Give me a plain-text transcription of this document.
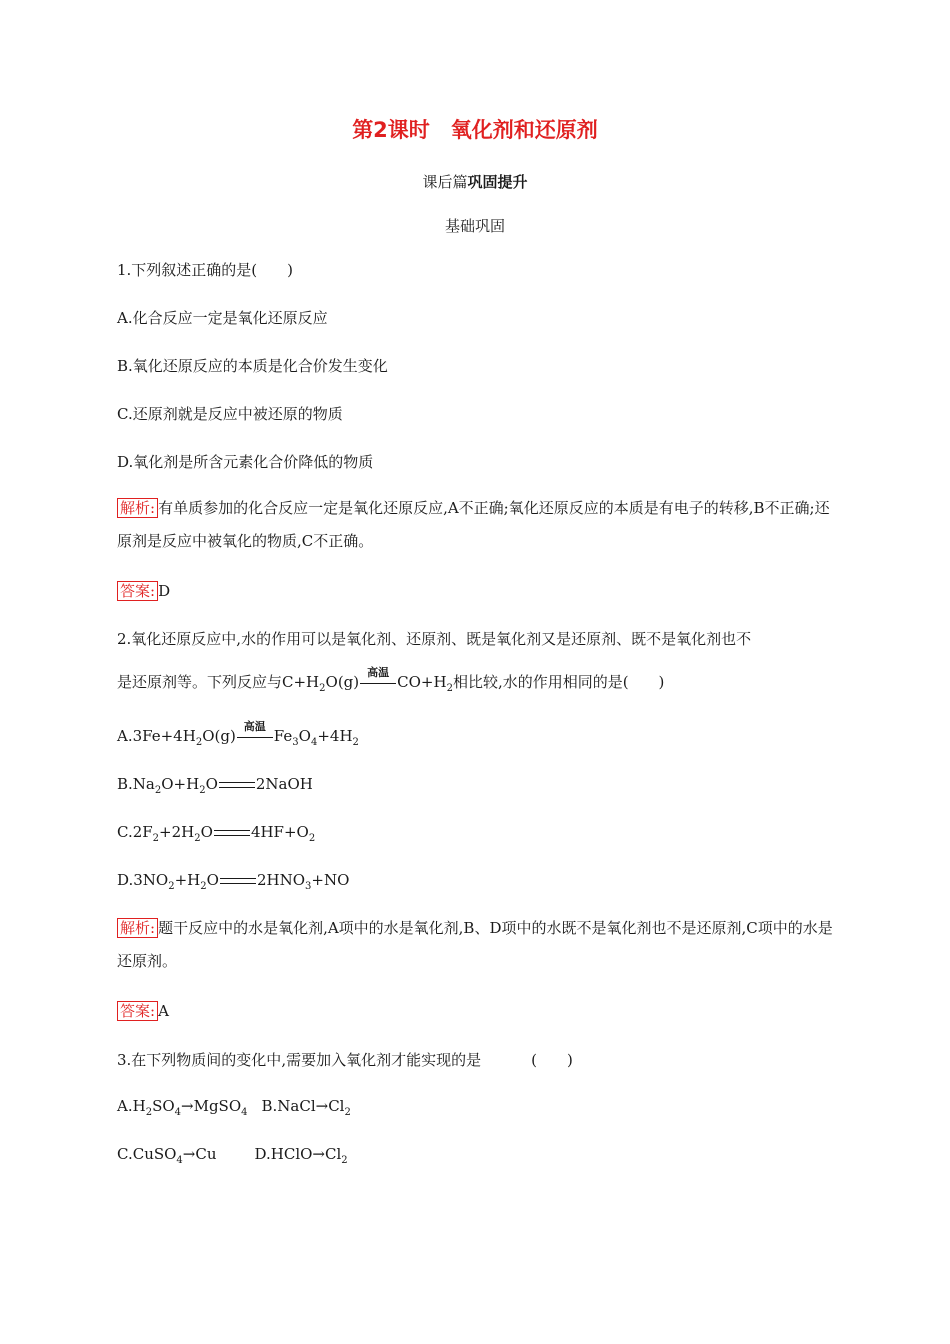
第2课时　氧化剂和还原剂
课后篇巩固提升
基础巩固
1.下列叙述正确的是(　　)
A.化合反应一定是氧化还原反应
B.氧化还原反应的本质是化合价发生变化
C.还原剂就是反应中被还原的物质
D.氧化剂是所含元素化合价降低的物质
解析: 有单质参加的化合反应一定是氧化还原反应,A不正确;氧化还原反应的本质是有电子的转移,B不正确;还原剂是反应中被氧化的物质,C不正确。
答案: D
2.氧化还原反应中,水的作用可以是氧化剂、还原剂、既是氧化剂又是还原剂、既不是氧化剂也不
是还原剂等。下列反应与$C+H_2O(g)$
高温
$CO+H_2$相比较,水的作用相同的是(　　)
$A.3Fe+4H_2O(g)$
高温
$Fe_3O_4+4H_2$
$B.Na_2O+H_2O$	2NaOH
$C.2F_2+2H_2O$	$4HF+O_2$
$D.3NO_2+H_2O$	$2HNO_3+NO$
解析: 题干反应中的水是氧化剂,A项中的水是氧化剂,B、D项中的水既不是氧化剂也不是还原剂,C项中的水是还原剂。
答案: A
3.在下列物质间的变化中,需要加入氧化剂才能实现的是	(　　)
$A.H_2SO_4\to MgSO_4$ $B.NaCl\to Cl_2$
C.CuSO$_4$→Cu	$D.HClO\to Cl_2$
